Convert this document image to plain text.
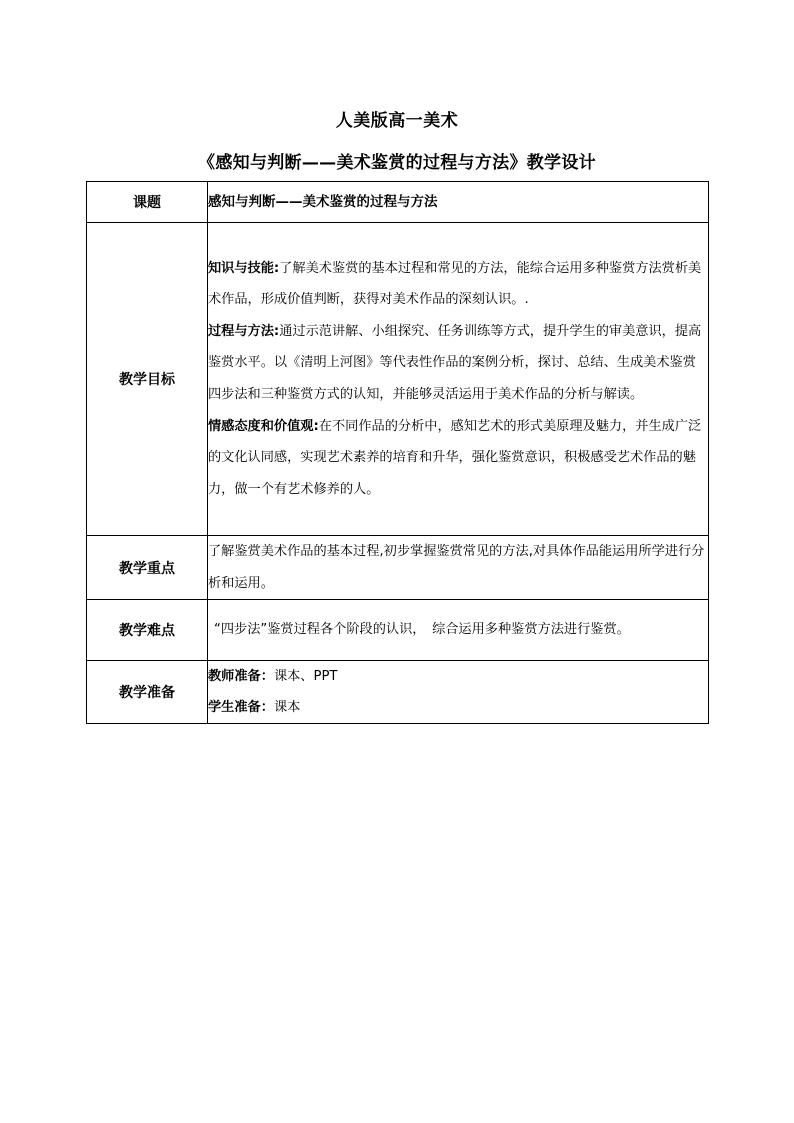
人美版高一美术
《感知与判断——美术鉴赏的过程与方法》教学设计
课题	感知与判断——美术鉴赏的过程与方法
教学目标	知识与技能:了解美术鉴赏的基本过程和常见的方法，能综合运用多种鉴赏方法赏析美术作品，形成价值判断，获得对美术作品的深刻认识。.
过程与方法:通过示范讲解、小组探究、任务训练等方式，提升学生的审美意识，提高鉴赏水平。以《清明上河图》等代表性作品的案例分析，探讨、总结、生成美术鉴赏四步法和三种鉴赏方式的认知，并能够灵活运用于美术作品的分析与解读。
情感态度和价值观:在不同作品的分析中，感知艺术的形式美原理及魅力，并生成广泛的文化认同感，实现艺术素养的培育和升华，强化鉴赏意识，积极感受艺术作品的魅力，做一个有艺术修养的人。

教学重点	了解鉴赏美术作品的基本过程,初步掌握鉴赏常见的方法,对具体作品能运用所学进行分析和运用。

教学难点	“四步法”鉴赏过程各个阶段的认识，　综合运用多种鉴赏方法进行鉴赏。

教学准备	教师准备：课本、PPT
学生准备：课本
